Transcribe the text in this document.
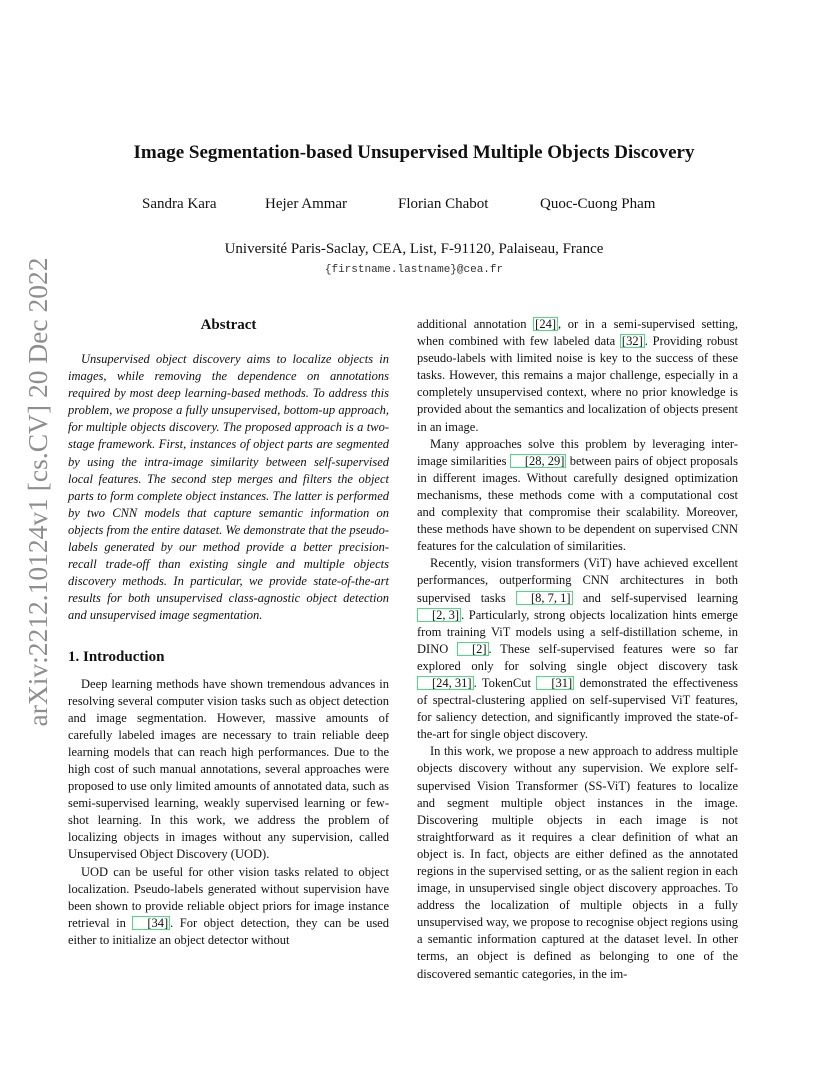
arXiv:2212.10124v1 [cs.CV] 20 Dec 2022
Image Segmentation-based Unsupervised Multiple Objects Discovery
Sandra Kara	Hejer Ammar	Florian Chabot	Quoc-Cuong Pham
Université Paris-Saclay, CEA, List, F-91120, Palaiseau, France
{firstname.lastname}@cea.fr
Abstract

Unsupervised object discovery aims to localize objects in images, while removing the dependence on annotations required by most deep learning-based methods. To address this problem, we propose a fully unsupervised, bottom-up approach, for multiple objects discovery. The proposed approach is a two-stage framework. First, instances of object parts are segmented by using the intra-image similarity between self-supervised local features. The second step merges and filters the object parts to form complete object instances. The latter is performed by two CNN models that capture semantic information on objects from the entire dataset. We demonstrate that the pseudo-labels generated by our method provide a better precision-recall trade-off than existing single and multiple objects discovery methods. In particular, we provide state-of-the-art results for both unsupervised class-agnostic object detection and unsupervised image segmentation.

1. Introduction

Deep learning methods have shown tremendous advances in resolving several computer vision tasks such as object detection and image segmentation. However, massive amounts of carefully labeled images are necessary to train reliable deep learning models that can reach high performances. Due to the high cost of such manual annotations, several approaches were proposed to use only limited amounts of annotated data, such as semi-supervised learning, weakly supervised learning or few-shot learning. In this work, we address the problem of localizing objects in images without any supervision, called Unsupervised Object Discovery (UOD).

UOD can be useful for other vision tasks related to object localization. Pseudo-labels generated without supervision have been shown to provide reliable object priors for image instance retrieval in [34] . For object detection, they can be used either to initialize an object detector without

additional annotation [24] , or in a semi-supervised setting, when combined with few labeled data [32] . Providing robust pseudo-labels with limited noise is key to the success of these tasks. However, this remains a major challenge, especially in a completely unsupervised context, where no prior knowledge is provided about the semantics and localization of objects present in an image.

Many approaches solve this problem by leveraging inter-image similarities [28, 29] between pairs of object proposals in different images. Without carefully designed optimization mechanisms, these methods come with a computational cost and complexity that compromise their scalability. Moreover, these methods have shown to be dependent on supervised CNN features for the calculation of similarities.

Recently, vision transformers (ViT) have achieved excellent performances, outperforming CNN architectures in both supervised tasks [8, 7, 1] and self-supervised learning [2, 3] . Particularly, strong objects localization hints emerge from training ViT models using a self-distillation scheme, in DINO [2] . These self-supervised features were so far explored only for solving single object discovery task [24, 31] . TokenCut [31] demonstrated the effectiveness of spectral-clustering applied on self-supervised ViT features, for saliency detection, and significantly improved the state-of-the-art for single object discovery.

In this work, we propose a new approach to address multiple objects discovery without any supervision. We explore self-supervised Vision Transformer (SS-ViT) features to localize and segment multiple object instances in the image. Discovering multiple objects in each image is not straightforward as it requires a clear definition of what an object is. In fact, objects are either defined as the annotated regions in the supervised setting, or as the salient region in each image, in unsupervised single object discovery approaches. To address the localization of multiple objects in a fully unsupervised way, we propose to recognise object regions using a semantic information captured at the dataset level. In other terms, an object is defined as belonging to one of the discovered semantic categories, in the im-
